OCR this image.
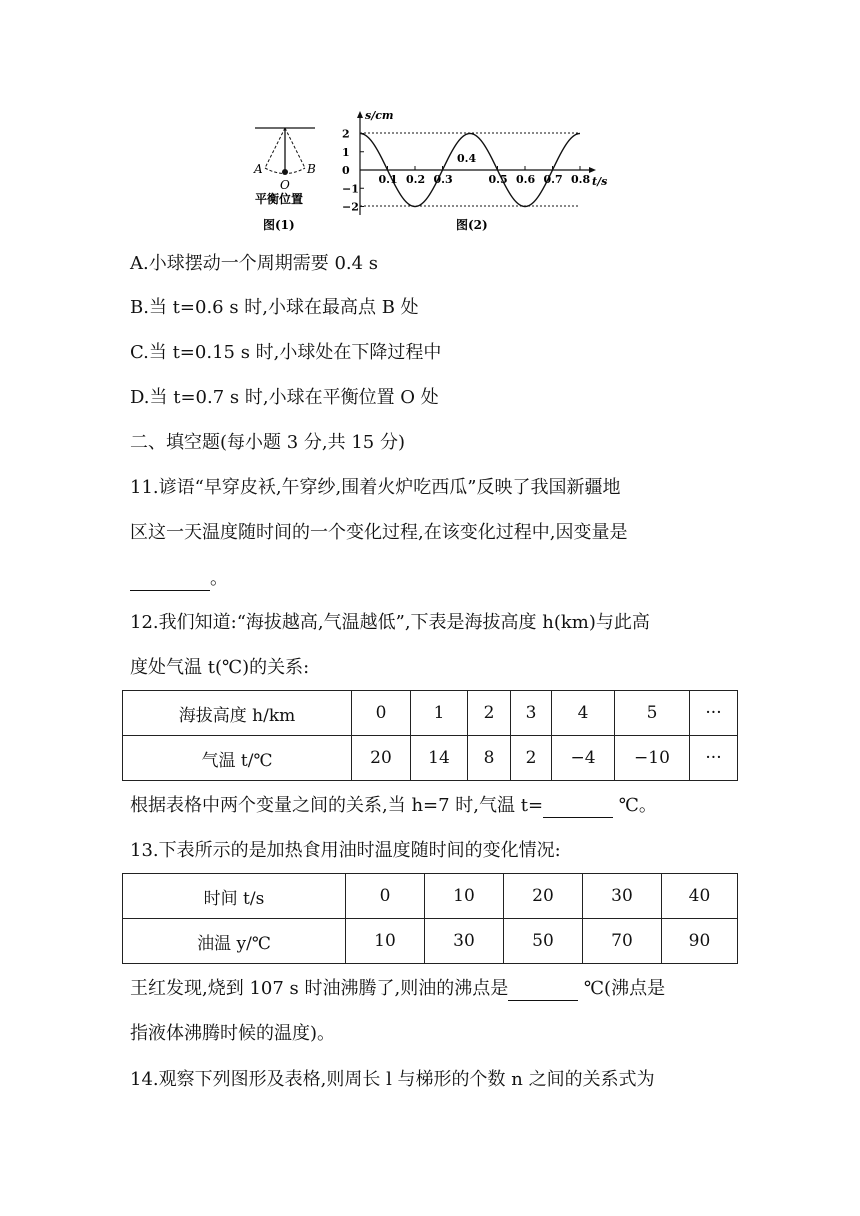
A	B
O
平衡位置
图(1)
2
1
0
−1
−2
0.1 0.2 0.3	0.5 0.6 0.7 0.8
s/cm
t/s
0.4
图(2)
A.小球摆动一个周期需要 0.4 s
B.当 t=0.6 s 时,小球在最高点 B 处
C.当 t=0.15 s 时,小球处在下降过程中
D.当 t=0.7 s 时,小球在平衡位置 O 处
二、填空题(每小题 3 分,共 15 分)
11.谚语“早穿皮袄,午穿纱,围着火炉吃西瓜”反映了我国新疆地
区这一天温度随时间的一个变化过程,在该变化过程中,因变量是
。
12.我们知道:“海拔越高,气温越低”,下表是海拔高度 h(km)与此高
度处气温 t(℃)的关系:
海拔高度 h/km	0	1	2	3	4	5	···
气温 t/℃	20	14	8	2	−4	−10	···
根据表格中两个变量之间的关系,当 h=7 时,气温 t=	℃。
13.下表所示的是加热食用油时温度随时间的变化情况:
时间 t/s	0	10	20	30	40
油温 y/℃	10	30	50	70	90
王红发现,烧到 107 s 时油沸腾了,则油的沸点是	℃(沸点是
指液体沸腾时候的温度)。
14.观察下列图形及表格,则周长 l 与梯形的个数 n 之间的关系式为
